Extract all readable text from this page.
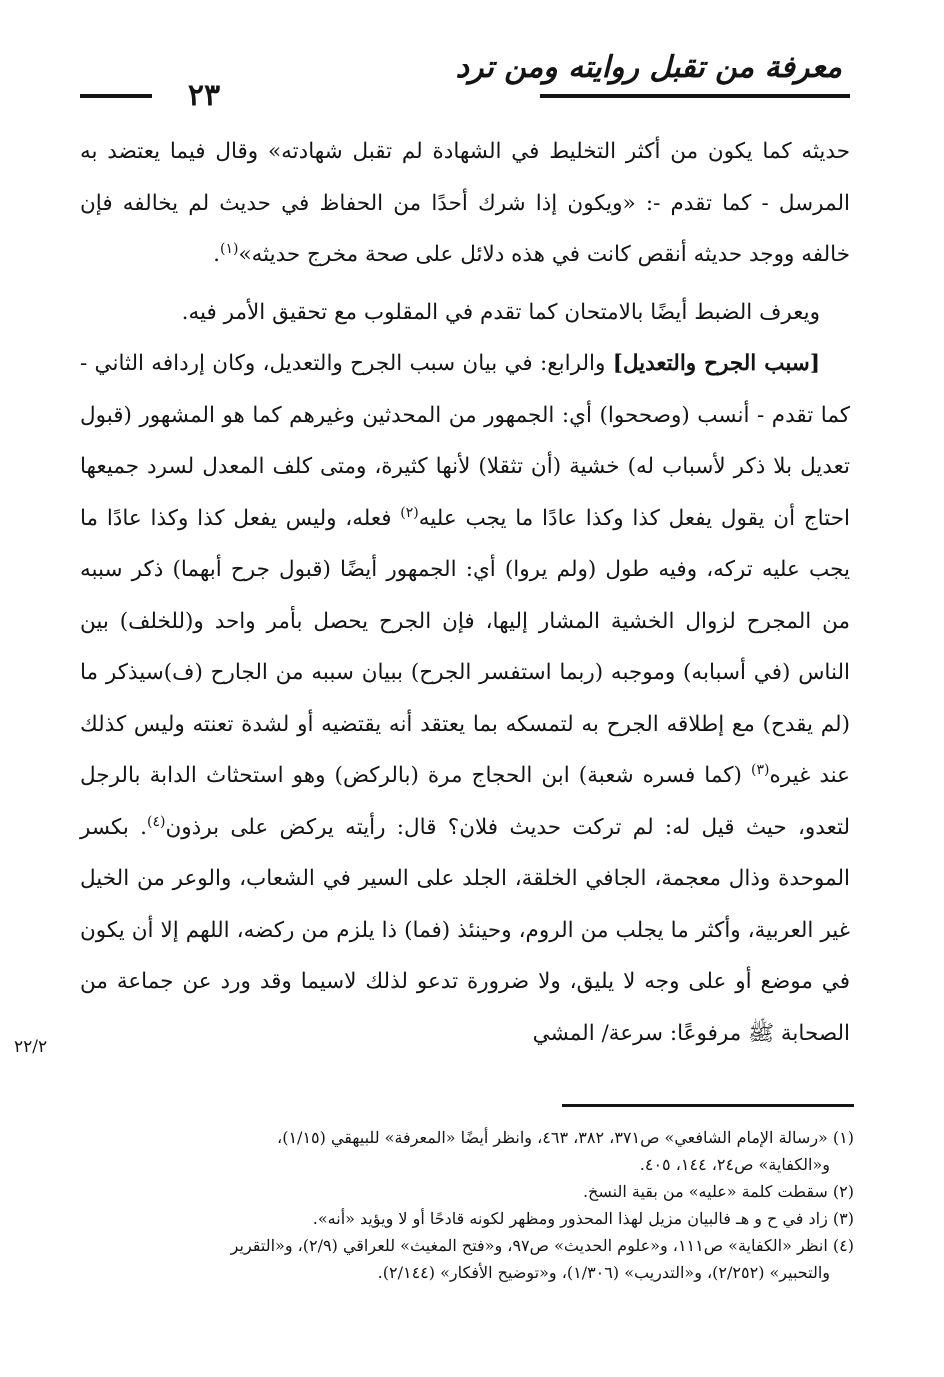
معرفة من تقبل روايته ومن ترد
٢٣

حديثه كما يكون من أكثر التخليط في الشهادة لم تقبل شهادته» وقال فيما يعتضد به المرسل - كما تقدم -: «ويكون إذا شرك أحدًا من الحفاظ في حديث لم يخالفه فإن خالفه ووجد حديثه أنقص كانت في هذه دلائل على صحة مخرج حديثه»$^{(١)}$.

ويعرف الضبط أيضًا بالامتحان كما تقدم في المقلوب مع تحقيق الأمر فيه.

[سبب الجرح والتعديل] والرابع: في بيان سبب الجرح والتعديل، وكان إردافه الثاني - كما تقدم - أنسب (وصححوا) أي: الجمهور من المحدثين وغيرهم كما هو المشهور (قبول تعديل بلا ذكر لأسباب له) خشية (أن تثقلا) لأنها كثيرة، ومتى كلف المعدل لسرد جميعها احتاج أن يقول يفعل كذا وكذا عادًا ما يجب عليه$^{(٢)}$ فعله، وليس يفعل كذا وكذا عادًا ما يجب عليه تركه، وفيه طول (ولم يروا) أي: الجمهور أيضًا (قبول جرح أبهما) ذكر سببه من المجرح لزوال الخشية المشار إليها، فإن الجرح يحصل بأمر واحد و(للخلف) بين الناس (في أسبابه) وموجبه (ربما استفسر الجرح) ببيان سببه من الجارح (ف)سيذكر ما (لم يقدح) مع إطلاقه الجرح به لتمسكه بما يعتقد أنه يقتضيه أو لشدة تعنته وليس كذلك عند غيره$^{(٣)}$ (كما فسره شعبة) ابن الحجاج مرة (بالركض) وهو استحثاث الدابة بالرجل لتعدو، حيث قيل له: لم تركت حديث فلان؟ قال: رأيته يركض على برذون$^{(٤)}$. بكسر الموحدة وذال معجمة، الجافي الخلقة، الجلد على السير في الشعاب، والوعر من الخيل غير العربية، وأكثر ما يجلب من الروم، وحينئذ (فما) ذا يلزم من ركضه، اللهم إلا أن يكون في موضع أو على وجه لا يليق، ولا ضرورة تدعو لذلك لاسيما وقد ورد عن جماعة من الصحابة ﷺ مرفوعًا: سرعة/ المشي

٢٢/٢

(١) «رسالة الإمام الشافعي» ص٣٧١، ٣٨٢، ٤٦٣، وانظر أيضًا «المعرفة» للبيهقي (١/١٥)،

و«الكفاية» ص٢٤، ١٤٤، ٤٠٥.

(٢) سقطت كلمة «عليه» من بقية النسخ.

(٣) زاد في ح و هـ فالبيان مزيل لهذا المحذور ومظهر لكونه قادحًا أو لا ويؤيد «أنه».

(٤) انظر «الكفاية» ص١١١، و«علوم الحديث» ص٩٧، و«فتح المغيث» للعراقي (٢/٩)، و«التقرير

والتحبير» (٢/٢٥٢)، و«التدريب» (١/٣٠٦)، و«توضيح الأفكار» (٢/١٤٤).
